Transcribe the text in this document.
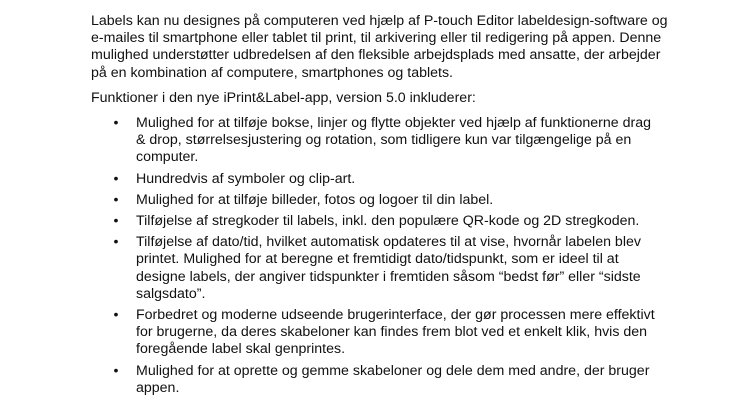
Labels kan nu designes på computeren ved hjælp af P-touch Editor labeldesign-software og e-mailes til smartphone eller tablet til print, til arkivering eller til redigering på appen. Denne mulighed understøtter udbredelsen af den fleksible arbejdsplads med ansatte, der arbejder på en kombination af computere, smartphones og tablets.

Funktioner i den nye iPrint&Label-app, version 5.0 inkluderer:

• Mulighed for at tilføje bokse, linjer og flytte objekter ved hjælp af funktionerne drag & drop, størrelsesjustering og rotation, som tidligere kun var tilgængelige på en computer.
• Hundredvis af symboler og clip-art.
• Mulighed for at tilføje billeder, fotos og logoer til din label.
• Tilføjelse af stregkoder til labels, inkl. den populære QR-kode og 2D stregkoden.
• Tilføjelse af dato/tid, hvilket automatisk opdateres til at vise, hvornår labelen blev printet. Mulighed for at beregne et fremtidigt dato/tidspunkt, som er ideel til at designe labels, der angiver tidspunkter i fremtiden såsom “bedst før” eller “sidste salgsdato”.
• Forbedret og moderne udseende brugerinterface, der gør processen mere effektivt for brugerne, da deres skabeloner kan findes frem blot ved et enkelt klik, hvis den foregående label skal genprintes.
• Mulighed for at oprette og gemme skabeloner og dele dem med andre, der bruger appen.
